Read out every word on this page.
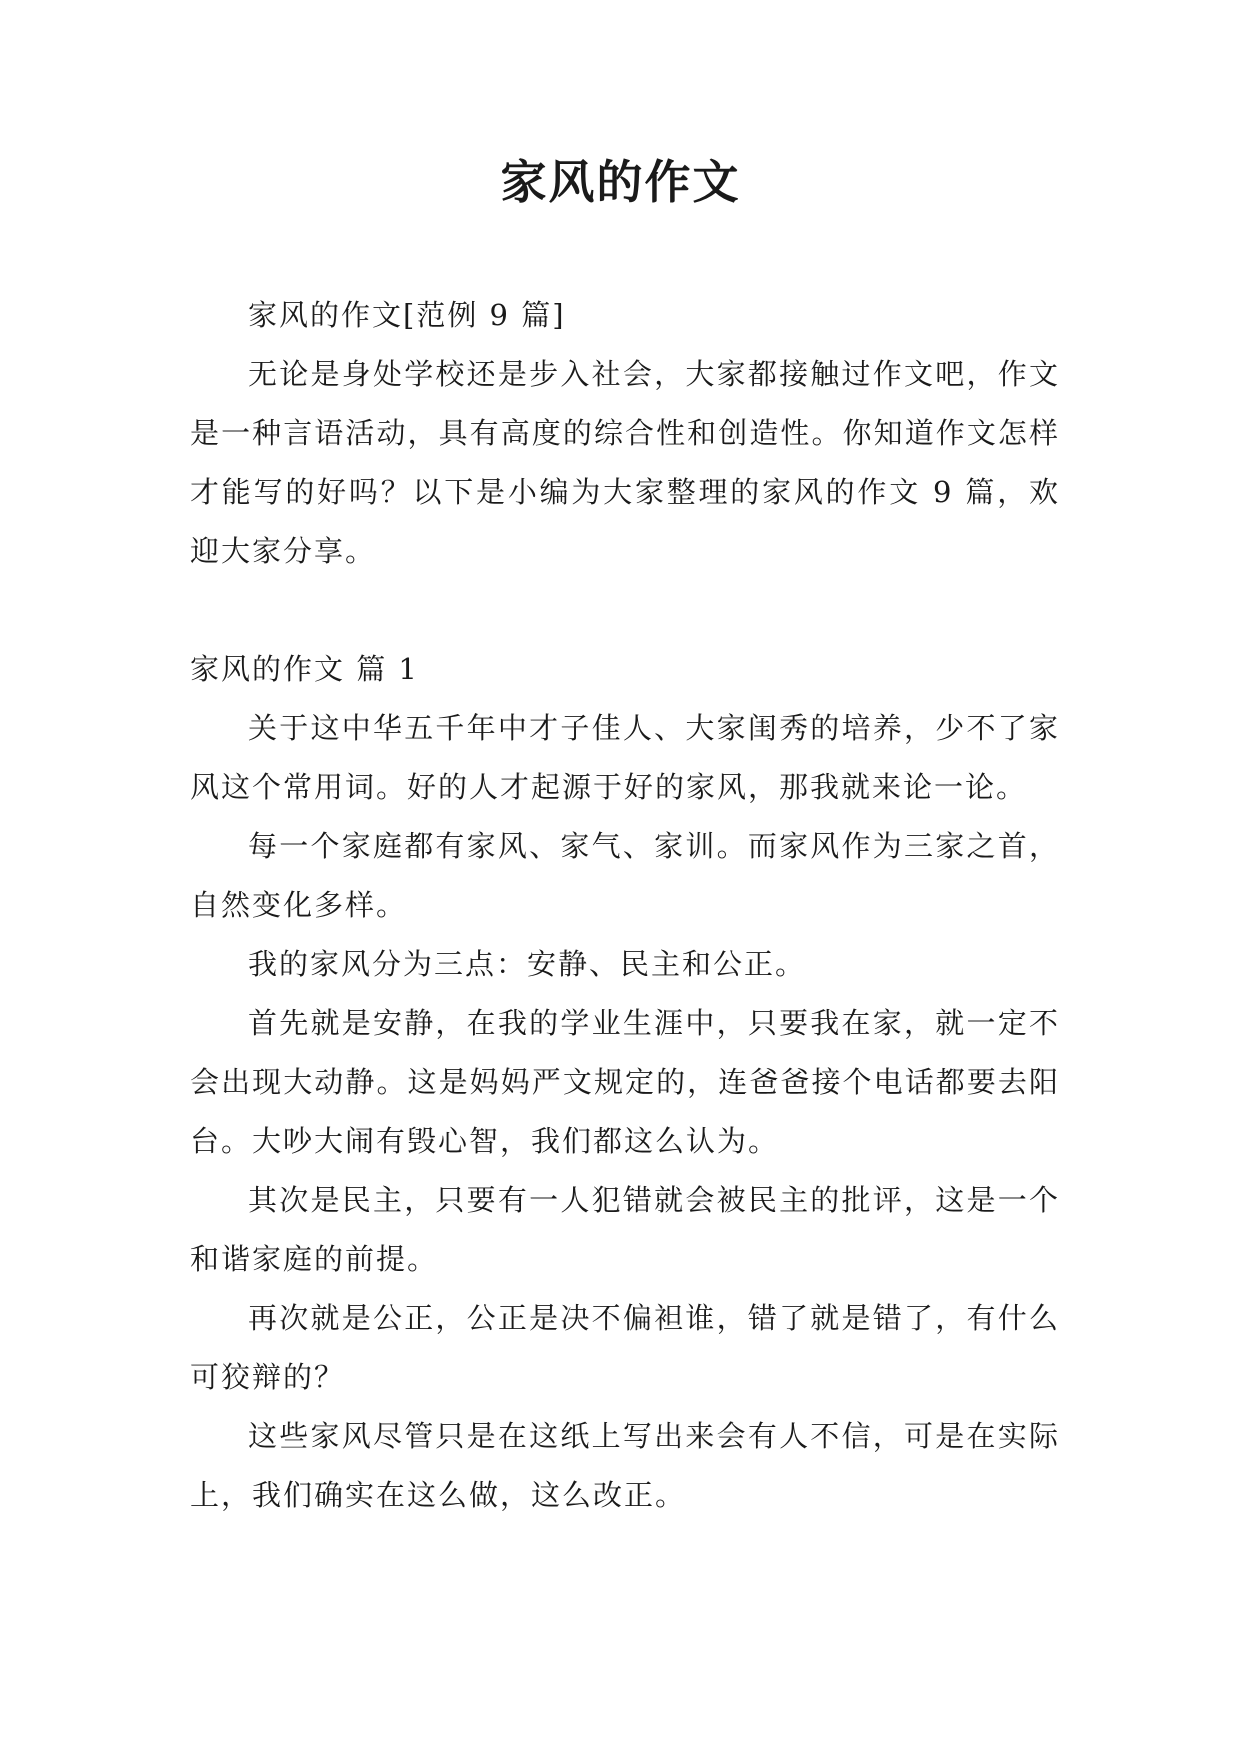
家风的作文

家风的作文[范例 9 篇]

无论是身处学校还是步入社会，大家都接触过作文吧，作文是一种言语活动，具有高度的综合性和创造性。你知道作文怎样才能写的好吗？以下是小编为大家整理的家风的作文 9 篇，欢迎大家分享。

家风的作文 篇 1

关于这中华五千年中才子佳人、大家闺秀的培养，少不了家风这个常用词。好的人才起源于好的家风，那我就来论一论。

每一个家庭都有家风、家气、家训。而家风作为三家之首，自然变化多样。

我的家风分为三点：安静、民主和公正。

首先就是安静，在我的学业生涯中，只要我在家，就一定不会出现大动静。这是妈妈严文规定的，连爸爸接个电话都要去阳台。大吵大闹有毁心智，我们都这么认为。

其次是民主，只要有一人犯错就会被民主的批评，这是一个和谐家庭的前提。

再次就是公正，公正是决不偏袒谁，错了就是错了，有什么可狡辩的？

这些家风尽管只是在这纸上写出来会有人不信，可是在实际上，我们确实在这么做，这么改正。
